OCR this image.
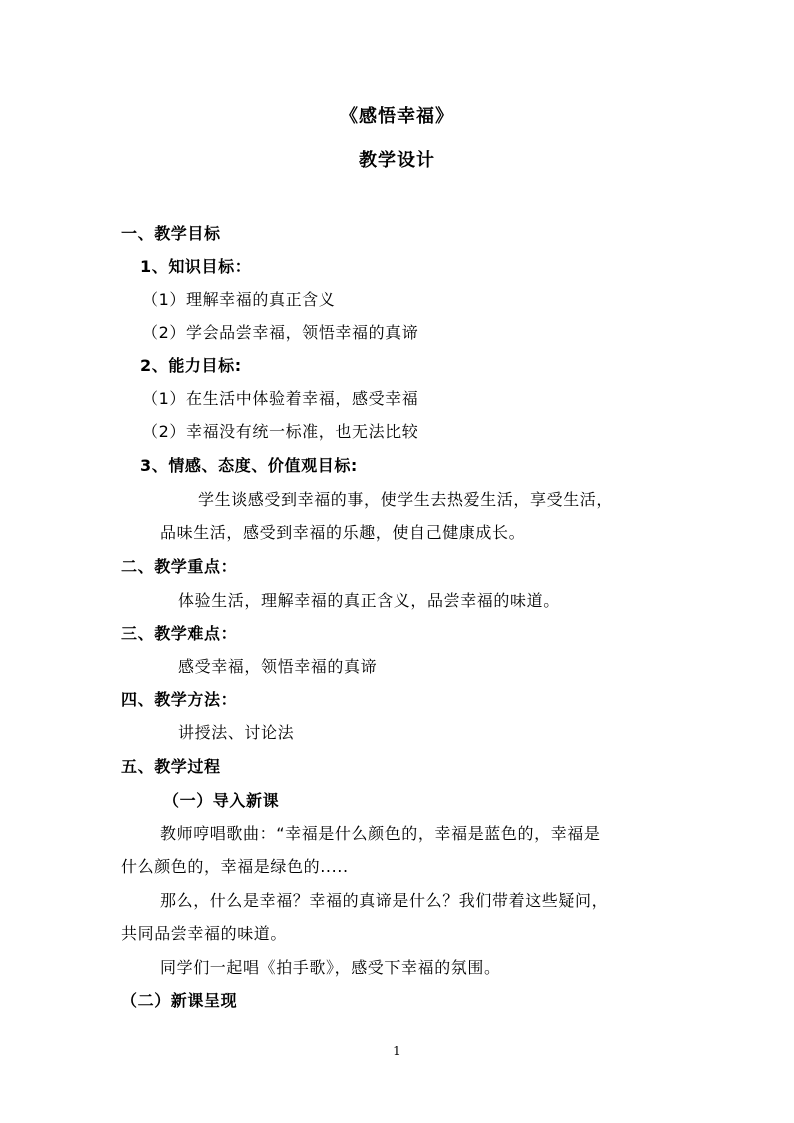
《感悟幸福》
教学设计
一、教学目标
1、知识目标：
（1）理解幸福的真正含义
（2）学会品尝幸福，领悟幸福的真谛
2、能力目标:
（1）在生活中体验着幸福，感受幸福
（2）幸福没有统一标准，也无法比较
3、情感、态度、价值观目标:
学生谈感受到幸福的事，使学生去热爱生活，享受生活，
品味生活，感受到幸福的乐趣，使自己健康成长。
二、教学重点：
体验生活，理解幸福的真正含义，品尝幸福的味道。
三、教学难点：
感受幸福，领悟幸福的真谛
四、教学方法：
讲授法、讨论法
五、教学过程
（一）导入新课
教师哼唱歌曲：“幸福是什么颜色的，幸福是蓝色的，幸福是
什么颜色的，幸福是绿色的.....
那么，什么是幸福？幸福的真谛是什么？我们带着这些疑问，
共同品尝幸福的味道。
同学们一起唱《拍手歌》，感受下幸福的氛围。
（二）新课呈现
1
